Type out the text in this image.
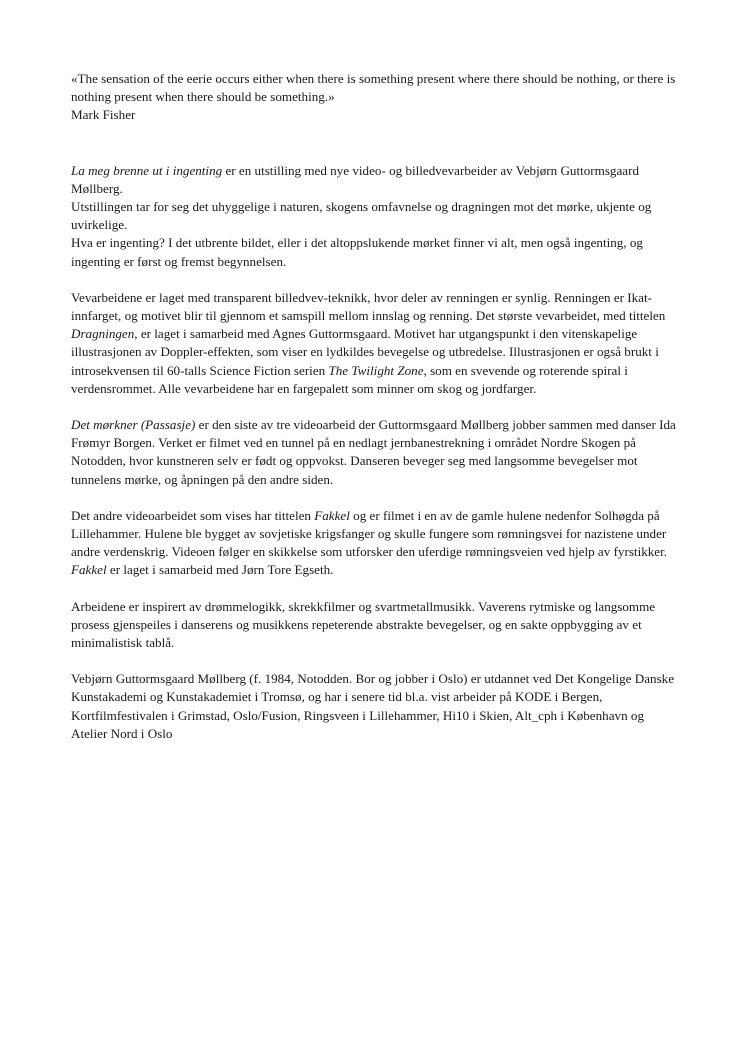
«The sensation of the eerie occurs either when there is something present where there should be nothing, or there is nothing present when there should be something.»

Mark Fisher

La meg brenne ut i ingenting er en utstilling med nye video- og billedvevarbeider av Vebjørn Guttormsgaard Møllberg.

Utstillingen tar for seg det uhyggelige i naturen, skogens omfavnelse og dragningen mot det mørke, ukjente og uvirkelige.

Hva er ingenting? I det utbrente bildet, eller i det altoppslukende mørket finner vi alt, men også ingenting, og ingenting er først og fremst begynnelsen.

Vevarbeidene er laget med transparent billedvev-teknikk, hvor deler av renningen er synlig. Renningen er Ikat-innfarget, og motivet blir til gjennom et samspill mellom innslag og renning. Det største vevarbeidet, med tittelen Dragningen, er laget i samarbeid med Agnes Guttormsgaard. Motivet har utgangspunkt i den vitenskapelige illustrasjonen av Doppler-effekten, som viser en lydkildes bevegelse og utbredelse. Illustrasjonen er også brukt i introsekvensen til 60-talls Science Fiction serien The Twilight Zone, som en svevende og roterende spiral i verdensrommet. Alle vevarbeidene har en fargepalett som minner om skog og jordfarger.

Det mørkner (Passasje) er den siste av tre videoarbeid der Guttormsgaard Møllberg jobber sammen med danser Ida Frømyr Borgen. Verket er filmet ved en tunnel på en nedlagt jernbanestrekning i området Nordre Skogen på Notodden, hvor kunstneren selv er født og oppvokst. Danseren beveger seg med langsomme bevegelser mot tunnelens mørke, og åpningen på den andre siden.

Det andre videoarbeidet som vises har tittelen Fakkel og er filmet i en av de gamle hulene nedenfor Solhøgda på Lillehammer. Hulene ble bygget av sovjetiske krigsfanger og skulle fungere som rømningsvei for nazistene under andre verdenskrig. Videoen følger en skikkelse som utforsker den uferdige rømningsveien ved hjelp av fyrstikker. Fakkel er laget i samarbeid med Jørn Tore Egseth.

Arbeidene er inspirert av drømmelogikk, skrekkfilmer og svartmetallmusikk. Vaverens rytmiske og langsomme prosess gjenspeiles i danserens og musikkens repeterende abstrakte bevegelser, og en sakte oppbygging av et minimalistisk tablå.

Vebjørn Guttormsgaard Møllberg (f. 1984, Notodden. Bor og jobber i Oslo) er utdannet ved Det Kongelige Danske Kunstakademi og Kunstakademiet i Tromsø, og har i senere tid bl.a. vist arbeider på KODE i Bergen, Kortfilmfestivalen i Grimstad, Oslo/Fusion, Ringsveen i Lillehammer, Hi10 i Skien, Alt_cph i København og Atelier Nord i Oslo
